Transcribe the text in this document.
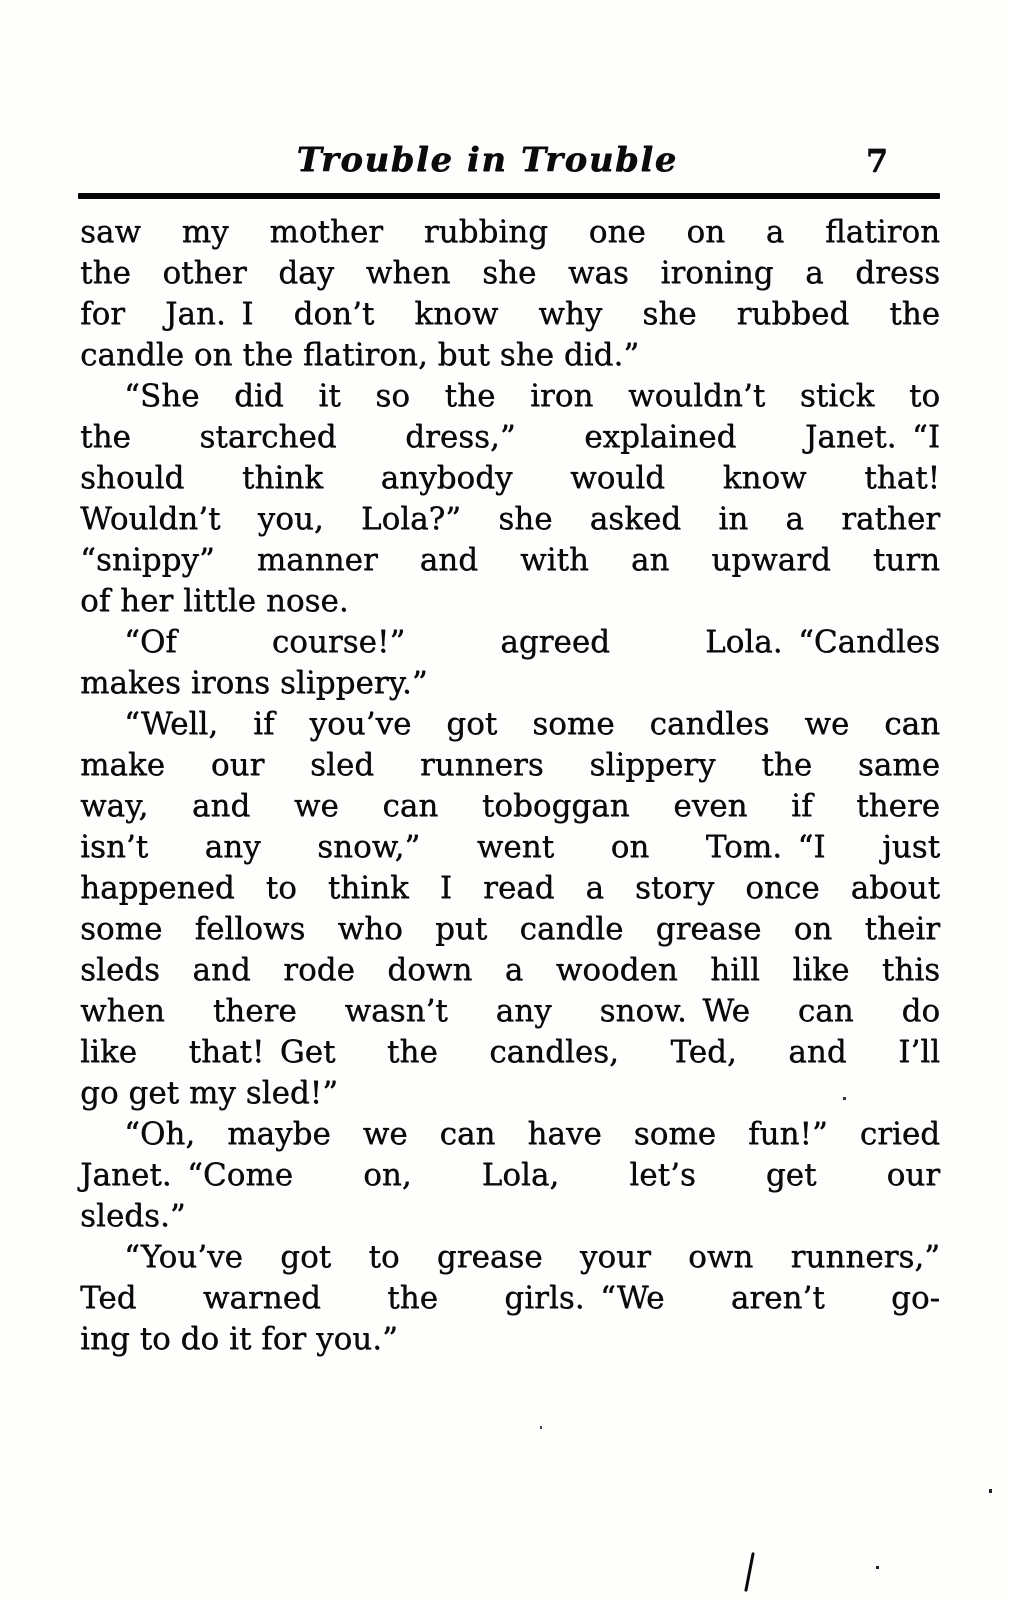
Trouble in Trouble	7

saw my mother rubbing one on a flatiron
the other day when she was ironing a dress
for Jan. I don’t know why she rubbed the
candle on the flatiron, but she did.”

“She did it so the iron wouldn’t stick to
the starched dress,” explained Janet. “I
should think anybody would know that!
Wouldn’t you, Lola?” she asked in a rather
“snippy” manner and with an upward turn
of her little nose.

“Of course!” agreed Lola. “Candles
makes irons slippery.”

“Well, if you’ve got some candles we can
make our sled runners slippery the same
way, and we can toboggan even if there
isn’t any snow,” went on Tom. “I just
happened to think I read a story once about
some fellows who put candle grease on their
sleds and rode down a wooden hill like this
when there wasn’t any snow. We can do
like that! Get the candles, Ted, and I’ll
go get my sled!”

“Oh, maybe we can have some fun!” cried
Janet. “Come on, Lola, let’s get our
sleds.”

“You’ve got to grease your own runners,”
Ted warned the girls. “We aren’t go-
ing to do it for you.”
